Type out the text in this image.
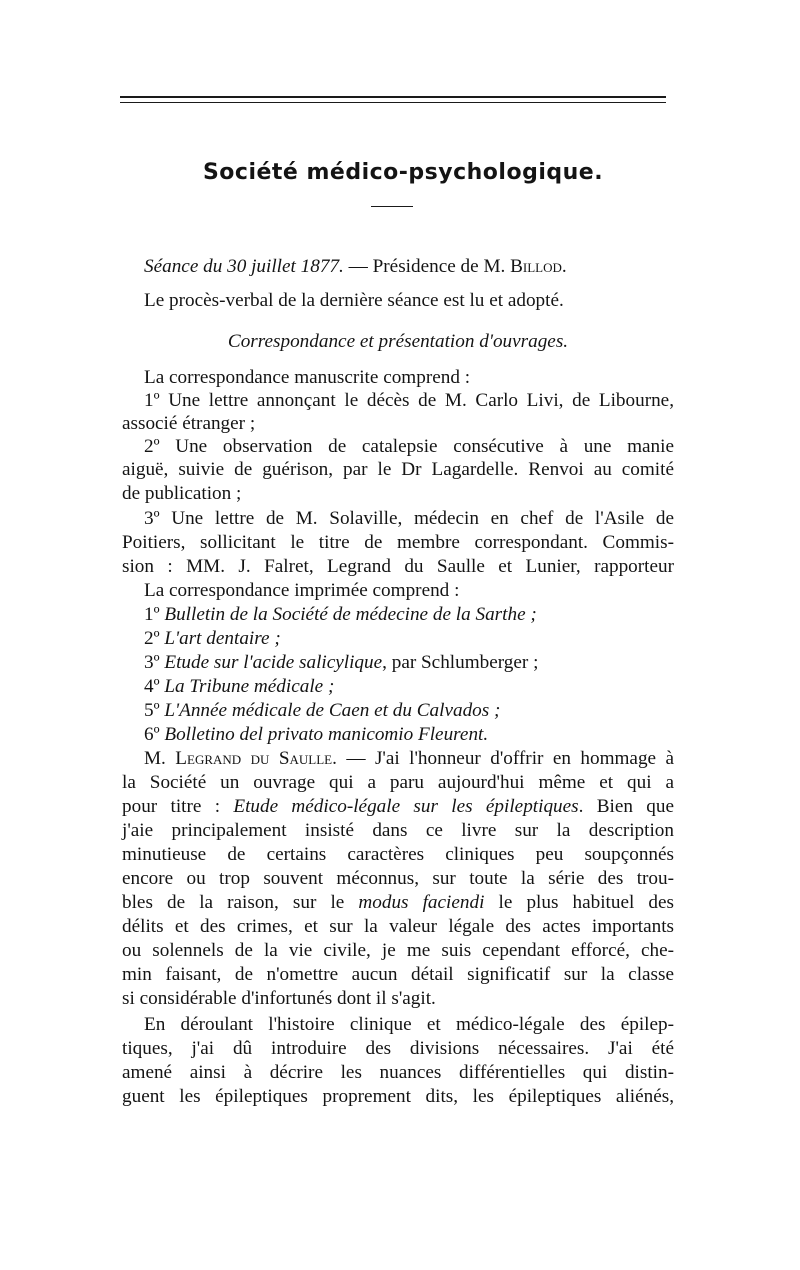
Société médico-psychologique.
Séance du 30 juillet 1877. — Présidence de M. Billod.
Le procès-verbal de la dernière séance est lu et adopté.
Correspondance et présentation d'ouvrages.
La correspondance manuscrite comprend :
1º Une lettre annonçant le décès de M. Carlo Livi, de Libourne,
associé étranger ;
2º Une observation de catalepsie consécutive à une manie
aiguë, suivie de guérison, par le Dr Lagardelle. Renvoi au comité
de publication ;
3º Une lettre de M. Solaville, médecin en chef de l'Asile de
Poitiers, sollicitant le titre de membre correspondant. Commis-
sion : MM. J. Falret, Legrand du Saulle et Lunier, rapporteur
La correspondance imprimée comprend :
1º Bulletin de la Société de médecine de la Sarthe ;
2º L'art dentaire ;
3º Etude sur l'acide salicylique, par Schlumberger ;
4º La Tribune médicale ;
5º L'Année médicale de Caen et du Calvados ;
6º Bolletino del privato manicomio Fleurent.
M. Legrand du Saulle. — J'ai l'honneur d'offrir en hommage à
la Société un ouvrage qui a paru aujourd'hui même et qui a
pour titre : Etude médico-légale sur les épileptiques. Bien que
j'aie principalement insisté dans ce livre sur la description
minutieuse de certains caractères cliniques peu soupçonnés
encore ou trop souvent méconnus, sur toute la série des trou-
bles de la raison, sur le modus faciendi le plus habituel des
délits et des crimes, et sur la valeur légale des actes importants
ou solennels de la vie civile, je me suis cependant efforcé, che-
min faisant, de n'omettre aucun détail significatif sur la classe
si considérable d'infortunés dont il s'agit.
En déroulant l'histoire clinique et médico-légale des épilep-
tiques, j'ai dû introduire des divisions nécessaires. J'ai été
amené ainsi à décrire les nuances différentielles qui distin-
guent les épileptiques proprement dits, les épileptiques aliénés,
